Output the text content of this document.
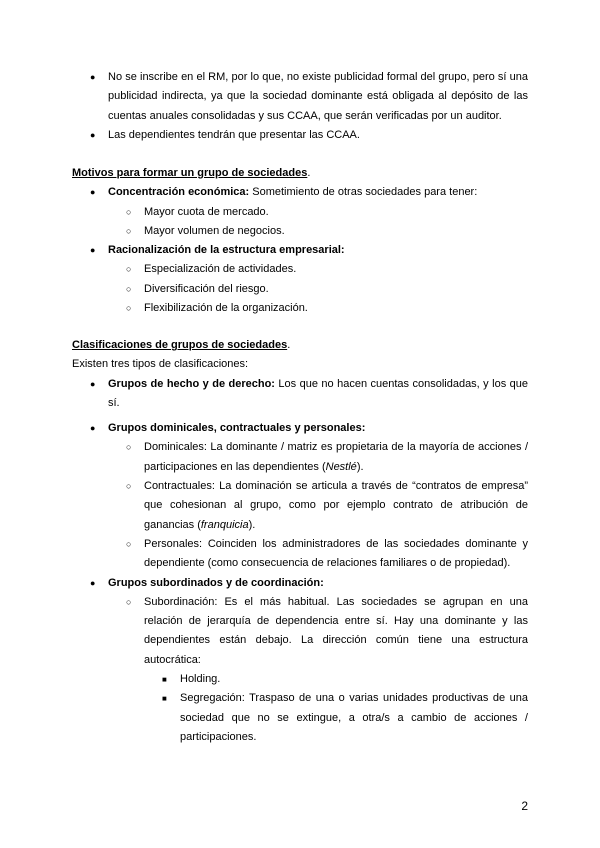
● No se inscribe en el RM, por lo que, no existe publicidad formal del grupo, pero sí una publicidad indirecta, ya que la sociedad dominante está obligada al depósito de las cuentas anuales consolidadas y sus CCAA, que serán verificadas por un auditor.
● Las dependientes tendrán que presentar las CCAA.
Motivos para formar un grupo de sociedades.
● Concentración económica: Sometimiento de otras sociedades para tener:
○ Mayor cuota de mercado.
○ Mayor volumen de negocios.
● Racionalización de la estructura empresarial:
○ Especialización de actividades.
○ Diversificación del riesgo.
○ Flexibilización de la organización.
Clasificaciones de grupos de sociedades.
Existen tres tipos de clasificaciones:
● Grupos de hecho y de derecho: Los que no hacen cuentas consolidadas, y los que sí.
● Grupos dominicales, contractuales y personales:
○ Dominicales: La dominante / matriz es propietaria de la mayoría de acciones / participaciones en las dependientes (Nestlé).
○ Contractuales: La dominación se articula a través de “contratos de empresa” que cohesionan al grupo, como por ejemplo contrato de atribución de ganancias (franquicia).
○ Personales: Coinciden los administradores de las sociedades dominante y dependiente (como consecuencia de relaciones familiares o de propiedad).
● Grupos subordinados y de coordinación:
○ Subordinación: Es el más habitual. Las sociedades se agrupan en una relación de jerarquía de dependencia entre sí. Hay una dominante y las dependientes están debajo. La dirección común tiene una estructura autocrática:
■ Holding.
■ Segregación: Traspaso de una o varias unidades productivas de una sociedad que no se extingue, a otra/s a cambio de acciones / participaciones.
2
